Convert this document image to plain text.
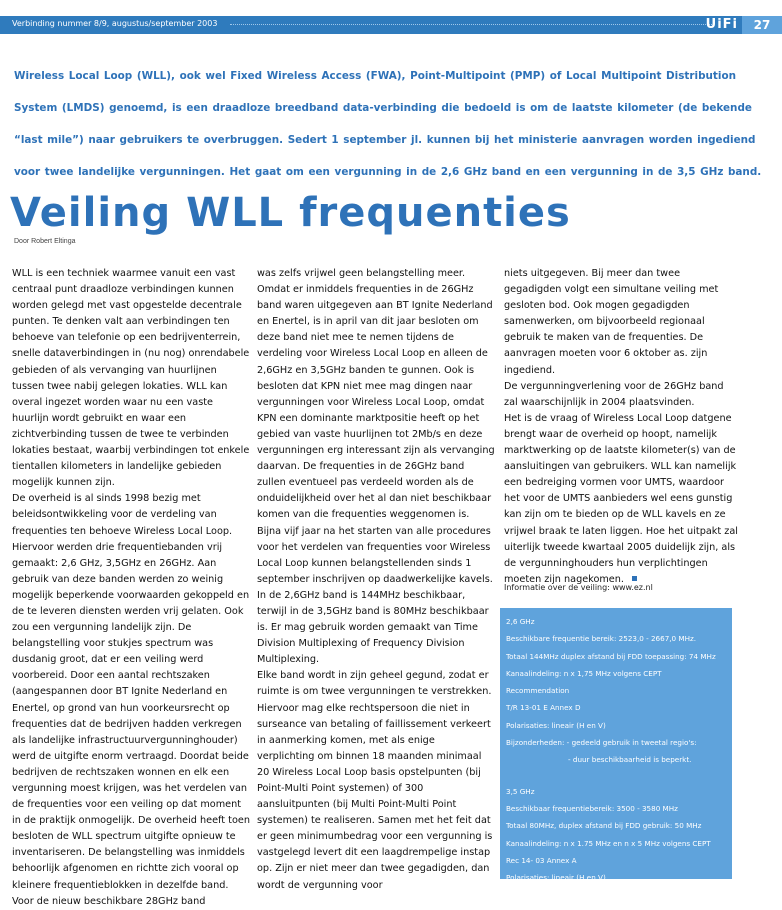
Verbinding nummer 8/9, augustus/september 2003	UiFi	27
Wireless Local Loop (WLL), ook wel Fixed Wireless Access (FWA), Point-Multipoint (PMP) of Local Multipoint Distribution System (LMDS) genoemd, is een draadloze breedband data-verbinding die bedoeld is om de laatste kilometer (de bekende “last mile”) naar gebruikers te overbruggen. Sedert 1 september jl. kunnen bij het ministerie aanvragen worden ingediend voor twee landelijke vergunningen. Het gaat om een vergunning in de 2,6 GHz band en een vergunning in de 3,5 GHz band.
Veiling WLL frequenties
Door Robert Eltinga

WLL is een techniek waarmee vanuit een vast centraal punt draadloze verbindingen kunnen worden gelegd met vast opgestelde decentrale punten. Te denken valt aan verbindingen ten behoeve van telefonie op een bedrijventerrein, snelle dataverbindingen in (nu nog) onrendabele gebieden of als vervanging van huurlijnen tussen twee nabij gelegen lokaties. WLL kan overal ingezet worden waar nu een vaste huurlijn wordt gebruikt en waar een zichtverbinding tussen de twee te verbinden lokaties bestaat, waarbij verbindingen tot enkele tientallen kilometers in landelijke gebieden mogelijk kunnen zijn.

De overheid is al sinds 1998 bezig met beleidsontwikkeling voor de verdeling van frequenties ten behoeve Wireless Local Loop. Hiervoor werden drie frequentiebanden vrij gemaakt: 2,6 GHz, 3,5GHz en 26GHz. Aan gebruik van deze banden werden zo weinig mogelijk beperkende voorwaarden gekoppeld en de te leveren diensten werden vrij gelaten. Ook zou een vergunning landelijk zijn. De belangstelling voor stukjes spectrum was dusdanig groot, dat er een veiling werd voorbereid. Door een aantal rechtszaken (aangespannen door BT Ignite Nederland en Enertel, op grond van hun voorkeursrecht op frequenties dat de bedrijven hadden verkregen als landelijke infrastructuurvergunninghouder) werd de uitgifte enorm vertraagd. Doordat beide bedrijven de rechtszaken wonnen en elk een vergunning moest krijgen, was het verdelen van de frequenties voor een veiling op dat moment in de praktijk onmogelijk. De overheid heeft toen besloten de WLL spectrum uitgifte opnieuw te inventariseren. De belangstelling was inmiddels behoorlijk afgenomen en richtte zich vooral op kleinere frequentieblokken in dezelfde band. Voor de nieuw beschikbare 28GHz band

was zelfs vrijwel geen belangstelling meer. Omdat er inmiddels frequenties in de 26GHz band waren uitgegeven aan BT Ignite Nederland en Enertel, is in april van dit jaar besloten om deze band niet mee te nemen tijdens de verdeling voor Wireless Local Loop en alleen de 2,6GHz en 3,5GHz banden te gunnen. Ook is besloten dat KPN niet mee mag dingen naar vergunningen voor Wireless Local Loop, omdat KPN een dominante marktpositie heeft op het gebied van vaste huurlijnen tot 2Mb/s en deze vergunningen erg interessant zijn als vervanging daarvan. De frequenties in de 26GHz band zullen eventueel pas verdeeld worden als de onduidelijkheid over het al dan niet beschikbaar komen van die frequenties weggenomen is.

Bijna vijf jaar na het starten van alle procedures voor het verdelen van frequenties voor Wireless Local Loop kunnen belangstellenden sinds 1 september inschrijven op daadwerkelijke kavels. In de 2,6GHz band is 144MHz beschikbaar, terwijl in de 3,5GHz band is 80MHz beschikbaar is. Er mag gebruik worden gemaakt van Time Division Multiplexing of Frequency Division Multiplexing.

Elke band wordt in zijn geheel gegund, zodat er ruimte is om twee vergunningen te verstrekken. Hiervoor mag elke rechtspersoon die niet in surseance van betaling of faillissement verkeert in aanmerking komen, met als enige verplichting om binnen 18 maanden minimaal 20 Wireless Local Loop basis opstelpunten (bij Point-Multi Point systemen) of 300 aansluitpunten (bij Multi Point-Multi Point systemen) te realiseren. Samen met het feit dat er geen minimumbedrag voor een vergunning is vastgelegd levert dit een laagdrempelige instap op. Zijn er niet meer dan twee gegadigden, dan wordt de vergunning voor

niets uitgegeven. Bij meer dan twee gegadigden volgt een simultane veiling met gesloten bod. Ook mogen gegadigden samenwerken, om bijvoorbeeld regionaal gebruik te maken van de frequenties. De aanvragen moeten voor 6 oktober as. zijn ingediend.

De vergunningverlening voor de 26GHz band zal waarschijnlijk in 2004 plaatsvinden.

Het is de vraag of Wireless Local Loop datgene brengt waar de overheid op hoopt, namelijk marktwerking op de laatste kilometer(s) van de aansluitingen van gebruikers. WLL kan namelijk een bedreiging vormen voor UMTS, waardoor het voor de UMTS aanbieders wel eens gunstig kan zijn om te bieden op de WLL kavels en ze vrijwel braak te laten liggen. Hoe het uitpakt zal uiterlijk tweede kwartaal 2005 duidelijk zijn, als de vergunninghouders hun verplichtingen moeten zijn nagekomen.

Informatie over de veiling: www.ez.nl
2,6 GHz
Beschikbare frequentie bereik: 2523,0 - 2667,0 MHz.
Totaal 144MHz duplex afstand bij FDD toepassing: 74 MHz
Kanaalindeling: n x 1,75 MHz volgens CEPT
Recommendation
T/R 13-01 E Annex D
Polarisaties: lineair (H en V)
Bijzonderheden: - gedeeld gebruik in tweetal regio's:
- duur beschikbaarheid is beperkt.
3,5 GHz
Beschikbaar frequentiebereik: 3500 - 3580 MHz
Totaal 80MHz, duplex afstand bij FDD gebruik: 50 MHz
Kanaalindeling: n x 1.75 MHz en n x 5 MHz volgens CEPT
Rec 14- 03 Annex A
Polarisaties: lineair (H en V)
